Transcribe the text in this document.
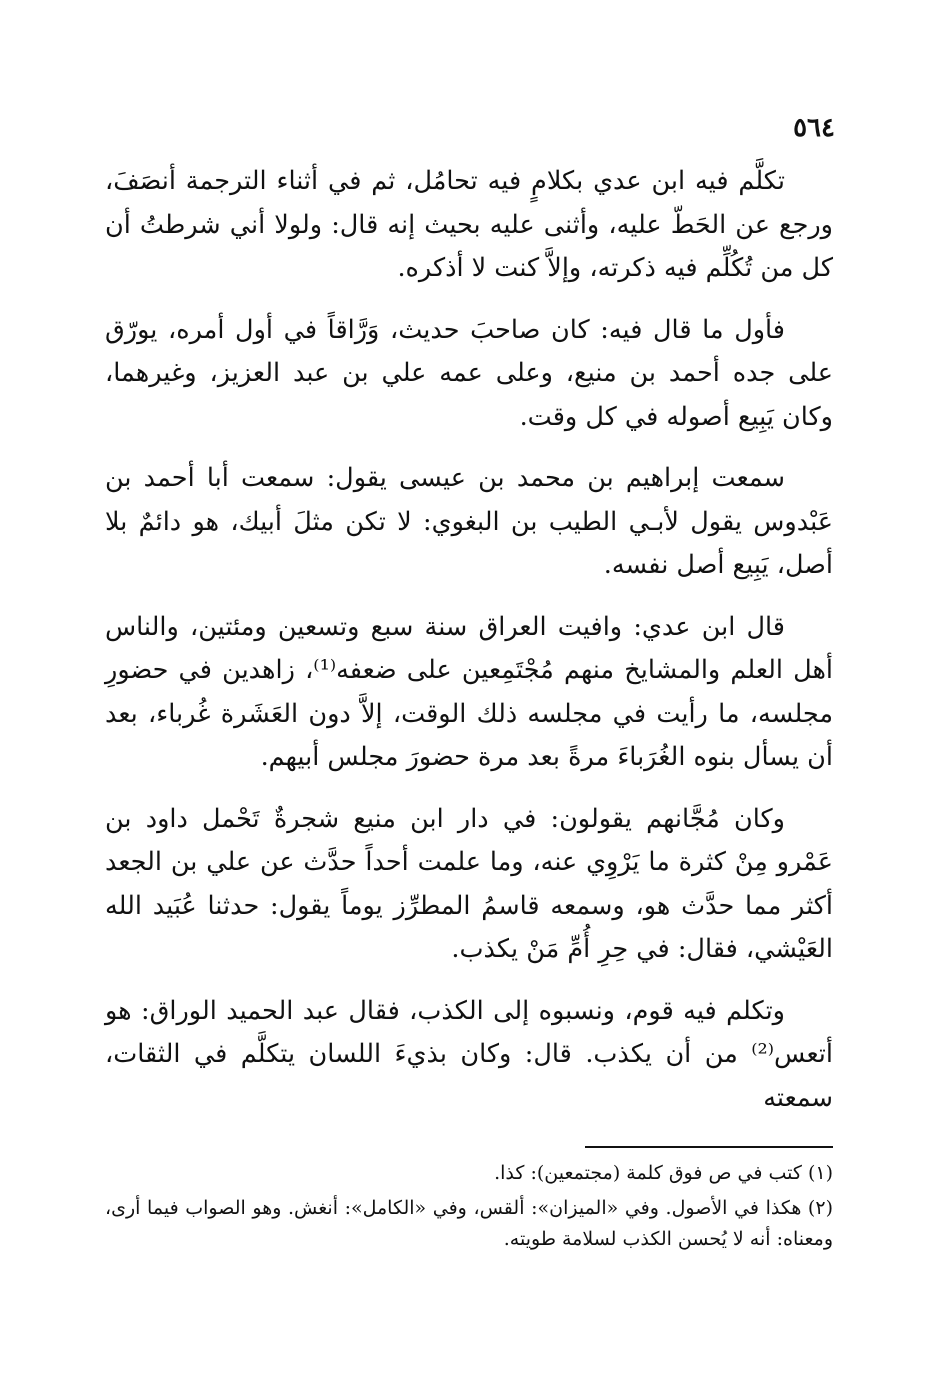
٥٦٤

تكلَّم فيه ابن عدي بكلامٍ فيه تحامُل، ثم في أثناء الترجمة أنصَفَ، ورجع عن الحَطّ عليه، وأثنى عليه بحيث إنه قال: ولولا أني شرطتُ أن كل من تُكُلِّم فيه ذكرته، وإلاَّ كنت لا أذكره.

فأول ما قال فيه: كان صاحبَ حديث، وَرَّاقاً في أول أمره، يورّق على جده أحمد بن منيع، وعلى عمه علي بن عبد العزيز، وغيرهما، وكان يَبِيع أصوله في كل وقت.

سمعت إبراهيم بن محمد بن عيسى يقول: سمعت أبا أحمد بن عَبْدوس يقول لأبـي الطيب بن البغوي: لا تكن مثلَ أبيك، هو دائمٌ بلا أصل، يَبِيع أصل نفسه.

قال ابن عدي: وافيت العراق سنة سبع وتسعين ومئتين، والناس أهل العلم والمشايخ منهم مُجْتَمِعين على ضعفه⁽¹⁾، زاهدين في حضورِ مجلسه، ما رأيت في مجلسه ذلك الوقت، إلاَّ دون العَشَرة غُرباء، بعد أن يسأل بنوه الغُرَباءَ مرةً بعد مرة حضورَ مجلس أبيهم.

وكان مُجَّانهم يقولون: في دار ابن منيع شجرةٌ تَحْمل داود بن عَمْرو مِنْ كثرة ما يَرْوِي عنه، وما علمت أحداً حدَّث عن علي بن الجعد أكثر مما حدَّث هو، وسمعه قاسمُ المطرِّز يوماً يقول: حدثنا عُبَيد الله العَيْشي، فقال: في حِرِ أُمِّ مَنْ يكذب.

وتكلم فيه قوم، ونسبوه إلى الكذب، فقال عبد الحميد الوراق: هو أتعس⁽²⁾ من أن يكذب. قال: وكان بذيءَ اللسان يتكلَّم في الثقات، سمعته

(١) كتب في ص فوق كلمة (مجتمعين): كذا.

(٢) هكذا في الأصول. وفي «الميزان»: ألقس، وفي «الكامل»: أنغش. وهو الصواب فيما أرى، ومعناه: أنه لا يُحسن الكذب لسلامة طويته.
